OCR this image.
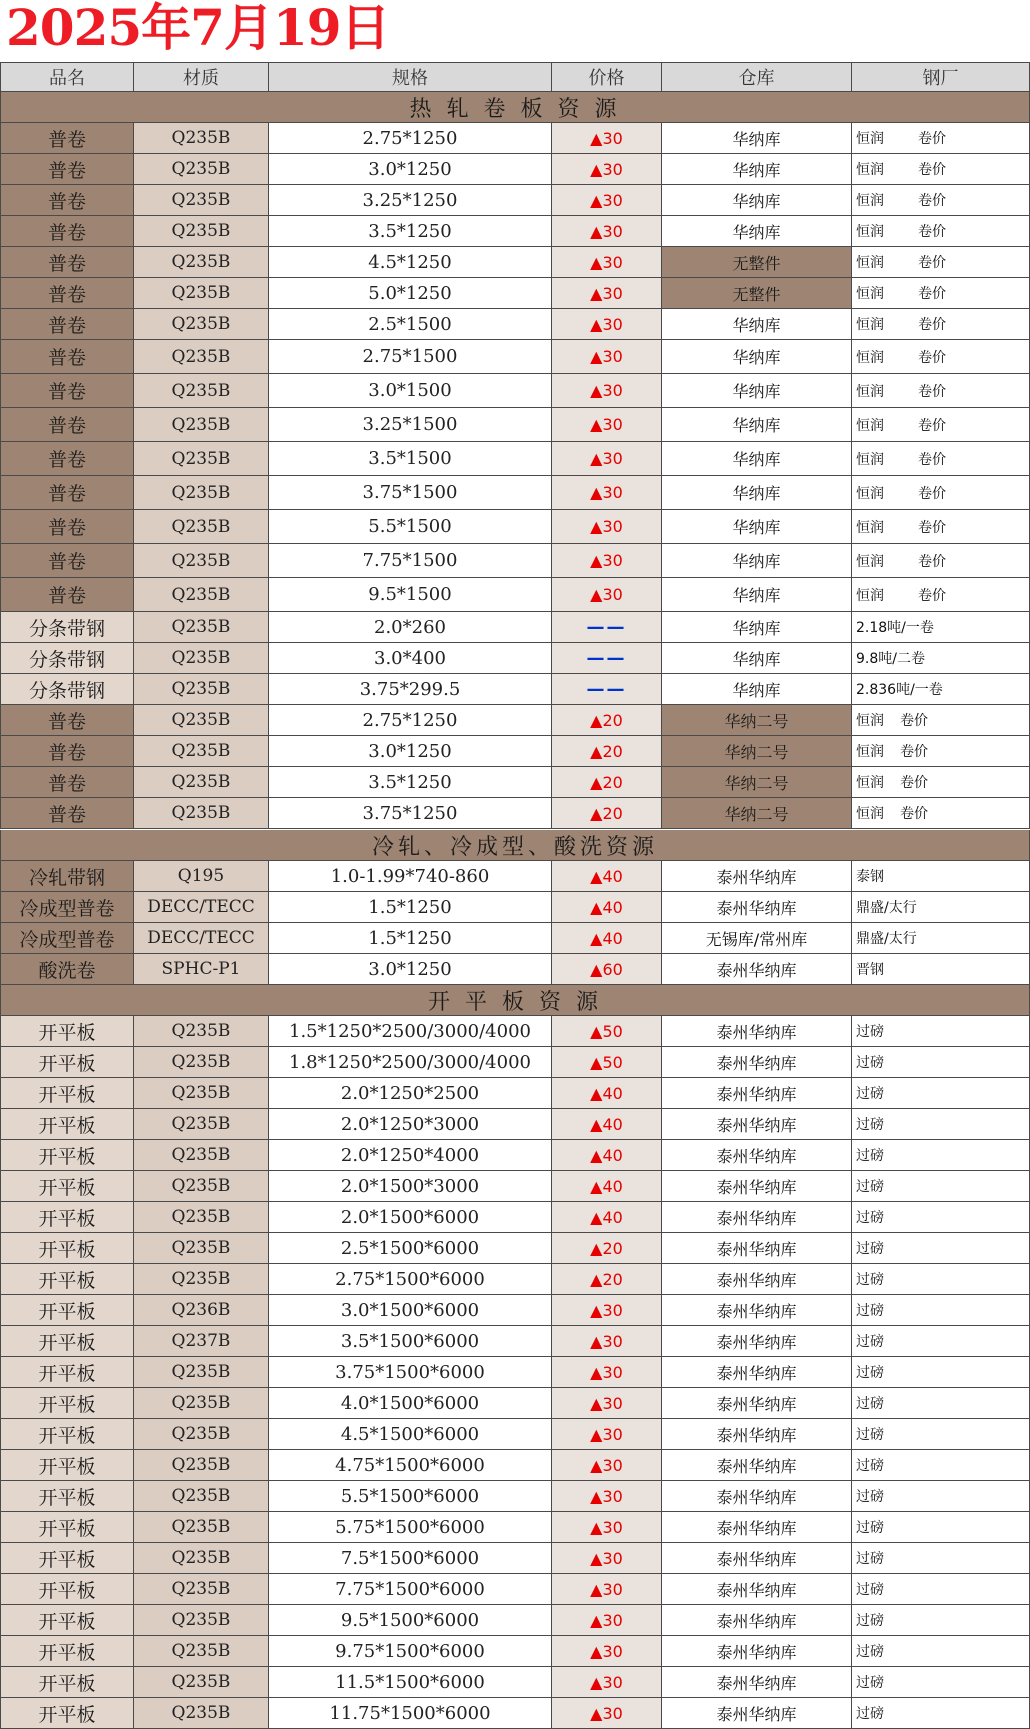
2025年7月19日
品名	材质	规格	价格	仓库	钢厂
热 轧 卷 板 资 源
普卷	Q235B	2.75*1250	▲30	华纳库	恒润 卷价
普卷	Q235B	3.0*1250	▲30	华纳库	恒润 卷价
普卷	Q235B	3.25*1250	▲30	华纳库	恒润 卷价
普卷	Q235B	3.5*1250	▲30	华纳库	恒润 卷价
普卷	Q235B	4.5*1250	▲30	无整件	恒润 卷价
普卷	Q235B	5.0*1250	▲30	无整件	恒润 卷价
普卷	Q235B	2.5*1500	▲30	华纳库	恒润 卷价
普卷	Q235B	2.75*1500	▲30	华纳库	恒润 卷价
普卷	Q235B	3.0*1500	▲30	华纳库	恒润 卷价
普卷	Q235B	3.25*1500	▲30	华纳库	恒润 卷价
普卷	Q235B	3.5*1500	▲30	华纳库	恒润 卷价
普卷	Q235B	3.75*1500	▲30	华纳库	恒润 卷价
普卷	Q235B	5.5*1500	▲30	华纳库	恒润 卷价
普卷	Q235B	7.75*1500	▲30	华纳库	恒润 卷价
普卷	Q235B	9.5*1500	▲30	华纳库	恒润 卷价
分条带钢	Q235B	2.0*260	——	华纳库	2.18吨/一卷
分条带钢	Q235B	3.0*400	——	华纳库	9.8吨/二卷
分条带钢	Q235B	3.75*299.5	——	华纳库	2.836吨/一卷
普卷	Q235B	2.75*1250	▲20	华纳二号	恒润 卷价
普卷	Q235B	3.0*1250	▲20	华纳二号	恒润 卷价
普卷	Q235B	3.5*1250	▲20	华纳二号	恒润 卷价
普卷	Q235B	3.75*1250	▲20	华纳二号	恒润 卷价
冷轧、冷成型、酸洗资源
冷轧带钢	Q195	1.0-1.99*740-860	▲40	泰州华纳库	泰钢
冷成型普卷	DECC/TECC	1.5*1250	▲40	泰州华纳库	鼎盛/太行
冷成型普卷	DECC/TECC	1.5*1250	▲40	无锡库/常州库	鼎盛/太行
酸洗卷	SPHC-P1	3.0*1250	▲60	泰州华纳库	晋钢
开 平 板 资 源
开平板	Q235B	1.5*1250*2500/3000/4000	▲50	泰州华纳库	过磅
开平板	Q235B	1.8*1250*2500/3000/4000	▲50	泰州华纳库	过磅
开平板	Q235B	2.0*1250*2500	▲40	泰州华纳库	过磅
开平板	Q235B	2.0*1250*3000	▲40	泰州华纳库	过磅
开平板	Q235B	2.0*1250*4000	▲40	泰州华纳库	过磅
开平板	Q235B	2.0*1500*3000	▲40	泰州华纳库	过磅
开平板	Q235B	2.0*1500*6000	▲40	泰州华纳库	过磅
开平板	Q235B	2.5*1500*6000	▲20	泰州华纳库	过磅
开平板	Q235B	2.75*1500*6000	▲20	泰州华纳库	过磅
开平板	Q236B	3.0*1500*6000	▲30	泰州华纳库	过磅
开平板	Q237B	3.5*1500*6000	▲30	泰州华纳库	过磅
开平板	Q235B	3.75*1500*6000	▲30	泰州华纳库	过磅
开平板	Q235B	4.0*1500*6000	▲30	泰州华纳库	过磅
开平板	Q235B	4.5*1500*6000	▲30	泰州华纳库	过磅
开平板	Q235B	4.75*1500*6000	▲30	泰州华纳库	过磅
开平板	Q235B	5.5*1500*6000	▲30	泰州华纳库	过磅
开平板	Q235B	5.75*1500*6000	▲30	泰州华纳库	过磅
开平板	Q235B	7.5*1500*6000	▲30	泰州华纳库	过磅
开平板	Q235B	7.75*1500*6000	▲30	泰州华纳库	过磅
开平板	Q235B	9.5*1500*6000	▲30	泰州华纳库	过磅
开平板	Q235B	9.75*1500*6000	▲30	泰州华纳库	过磅
开平板	Q235B	11.5*1500*6000	▲30	泰州华纳库	过磅
开平板	Q235B	11.75*1500*6000	▲30	泰州华纳库	过磅
